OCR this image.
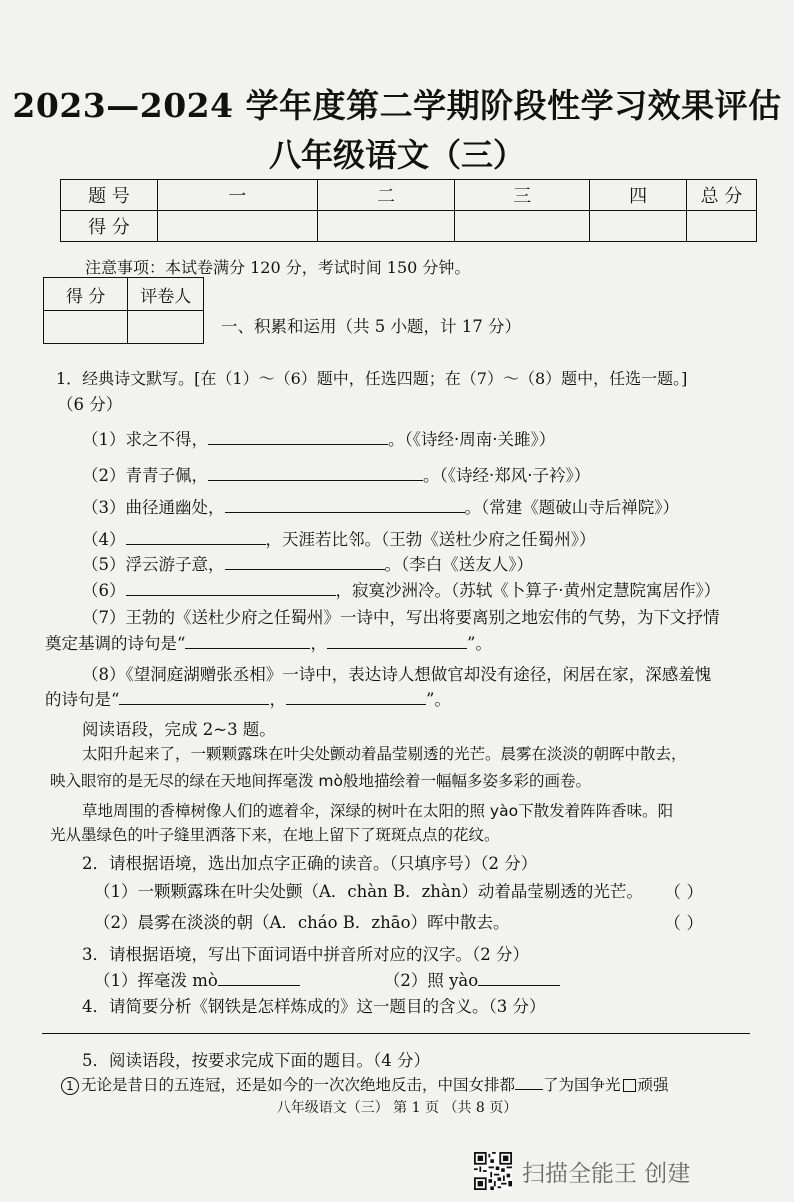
2023—2024 学年度第二学期阶段性学习效果评估
八年级语文（三）
题 号	一	二	三	四	总 分
得 分					
注意事项：本试卷满分 120 分，考试时间 150 分钟。
得 分	评卷人

一、积累和运用（共 5 小题，计 17 分）
1．经典诗文默写。[在（1）～（6）题中，任选四题；在（7）～（8）题中，任选一题。]
（6 分）
（1）求之不得，	。（《诗经·周南·关雎》）
（2）青青子佩，	。（《诗经·郑风·子衿》）
（3）曲径通幽处，	。（常建《题破山寺后禅院》）
（4）	，天涯若比邻。（王勃《送杜少府之任蜀州》）
（5）浮云游子意，	。（李白《送友人》）
（6）	，寂寞沙洲冷。（苏轼《卜算子·黄州定慧院寓居作》）
（7）王勃的《送杜少府之任蜀州》一诗中，写出将要离别之地宏伟的气势，为下文抒情
奠定基调的诗句是“	，	”。
（8）《望洞庭湖赠张丞相》一诗中，表达诗人想做官却没有途径，闲居在家，深感羞愧
的诗句是“	，	”。
阅读语段，完成 2~3 题。
太阳升起来了，一颗颗露珠在叶尖处颤动着晶莹剔透的光芒。晨雾在淡淡的朝晖中散去，
映入眼帘的是无尽的绿在天地间挥毫泼 mò般地描绘着一幅幅多姿多彩的画卷。
草地周围的香樟树像人们的遮着伞，深绿的树叶在太阳的照 yào下散发着阵阵香味。阳
光从墨绿色的叶子缝里洒落下来，在地上留下了斑斑点点的花纹。
2．请根据语境，选出加点字正确的读音。（只填序号）（2 分）
（1）一颗颗露珠在叶尖处颤（A．chàn B．zhàn）动着晶莹剔透的光芒。	（ ）
（2）晨雾在淡淡的朝（A．cháo B．zhāo）晖中散去。	（ ）
3．请根据语境，写出下面词语中拼音所对应的汉字。（2 分）
（1）挥毫泼 mò	（2）照 yào
4．请简要分析《钢铁是怎样炼成的》这一题目的含义。（3 分）
5．阅读语段，按要求完成下面的题目。（4 分）
1 无论是昔日的五连冠，还是如今的一次次绝地反击，中国女排都 了为国争光 顽强
八年级语文（三） 第 1 页 （共 8 页）
扫描全能王 创建
